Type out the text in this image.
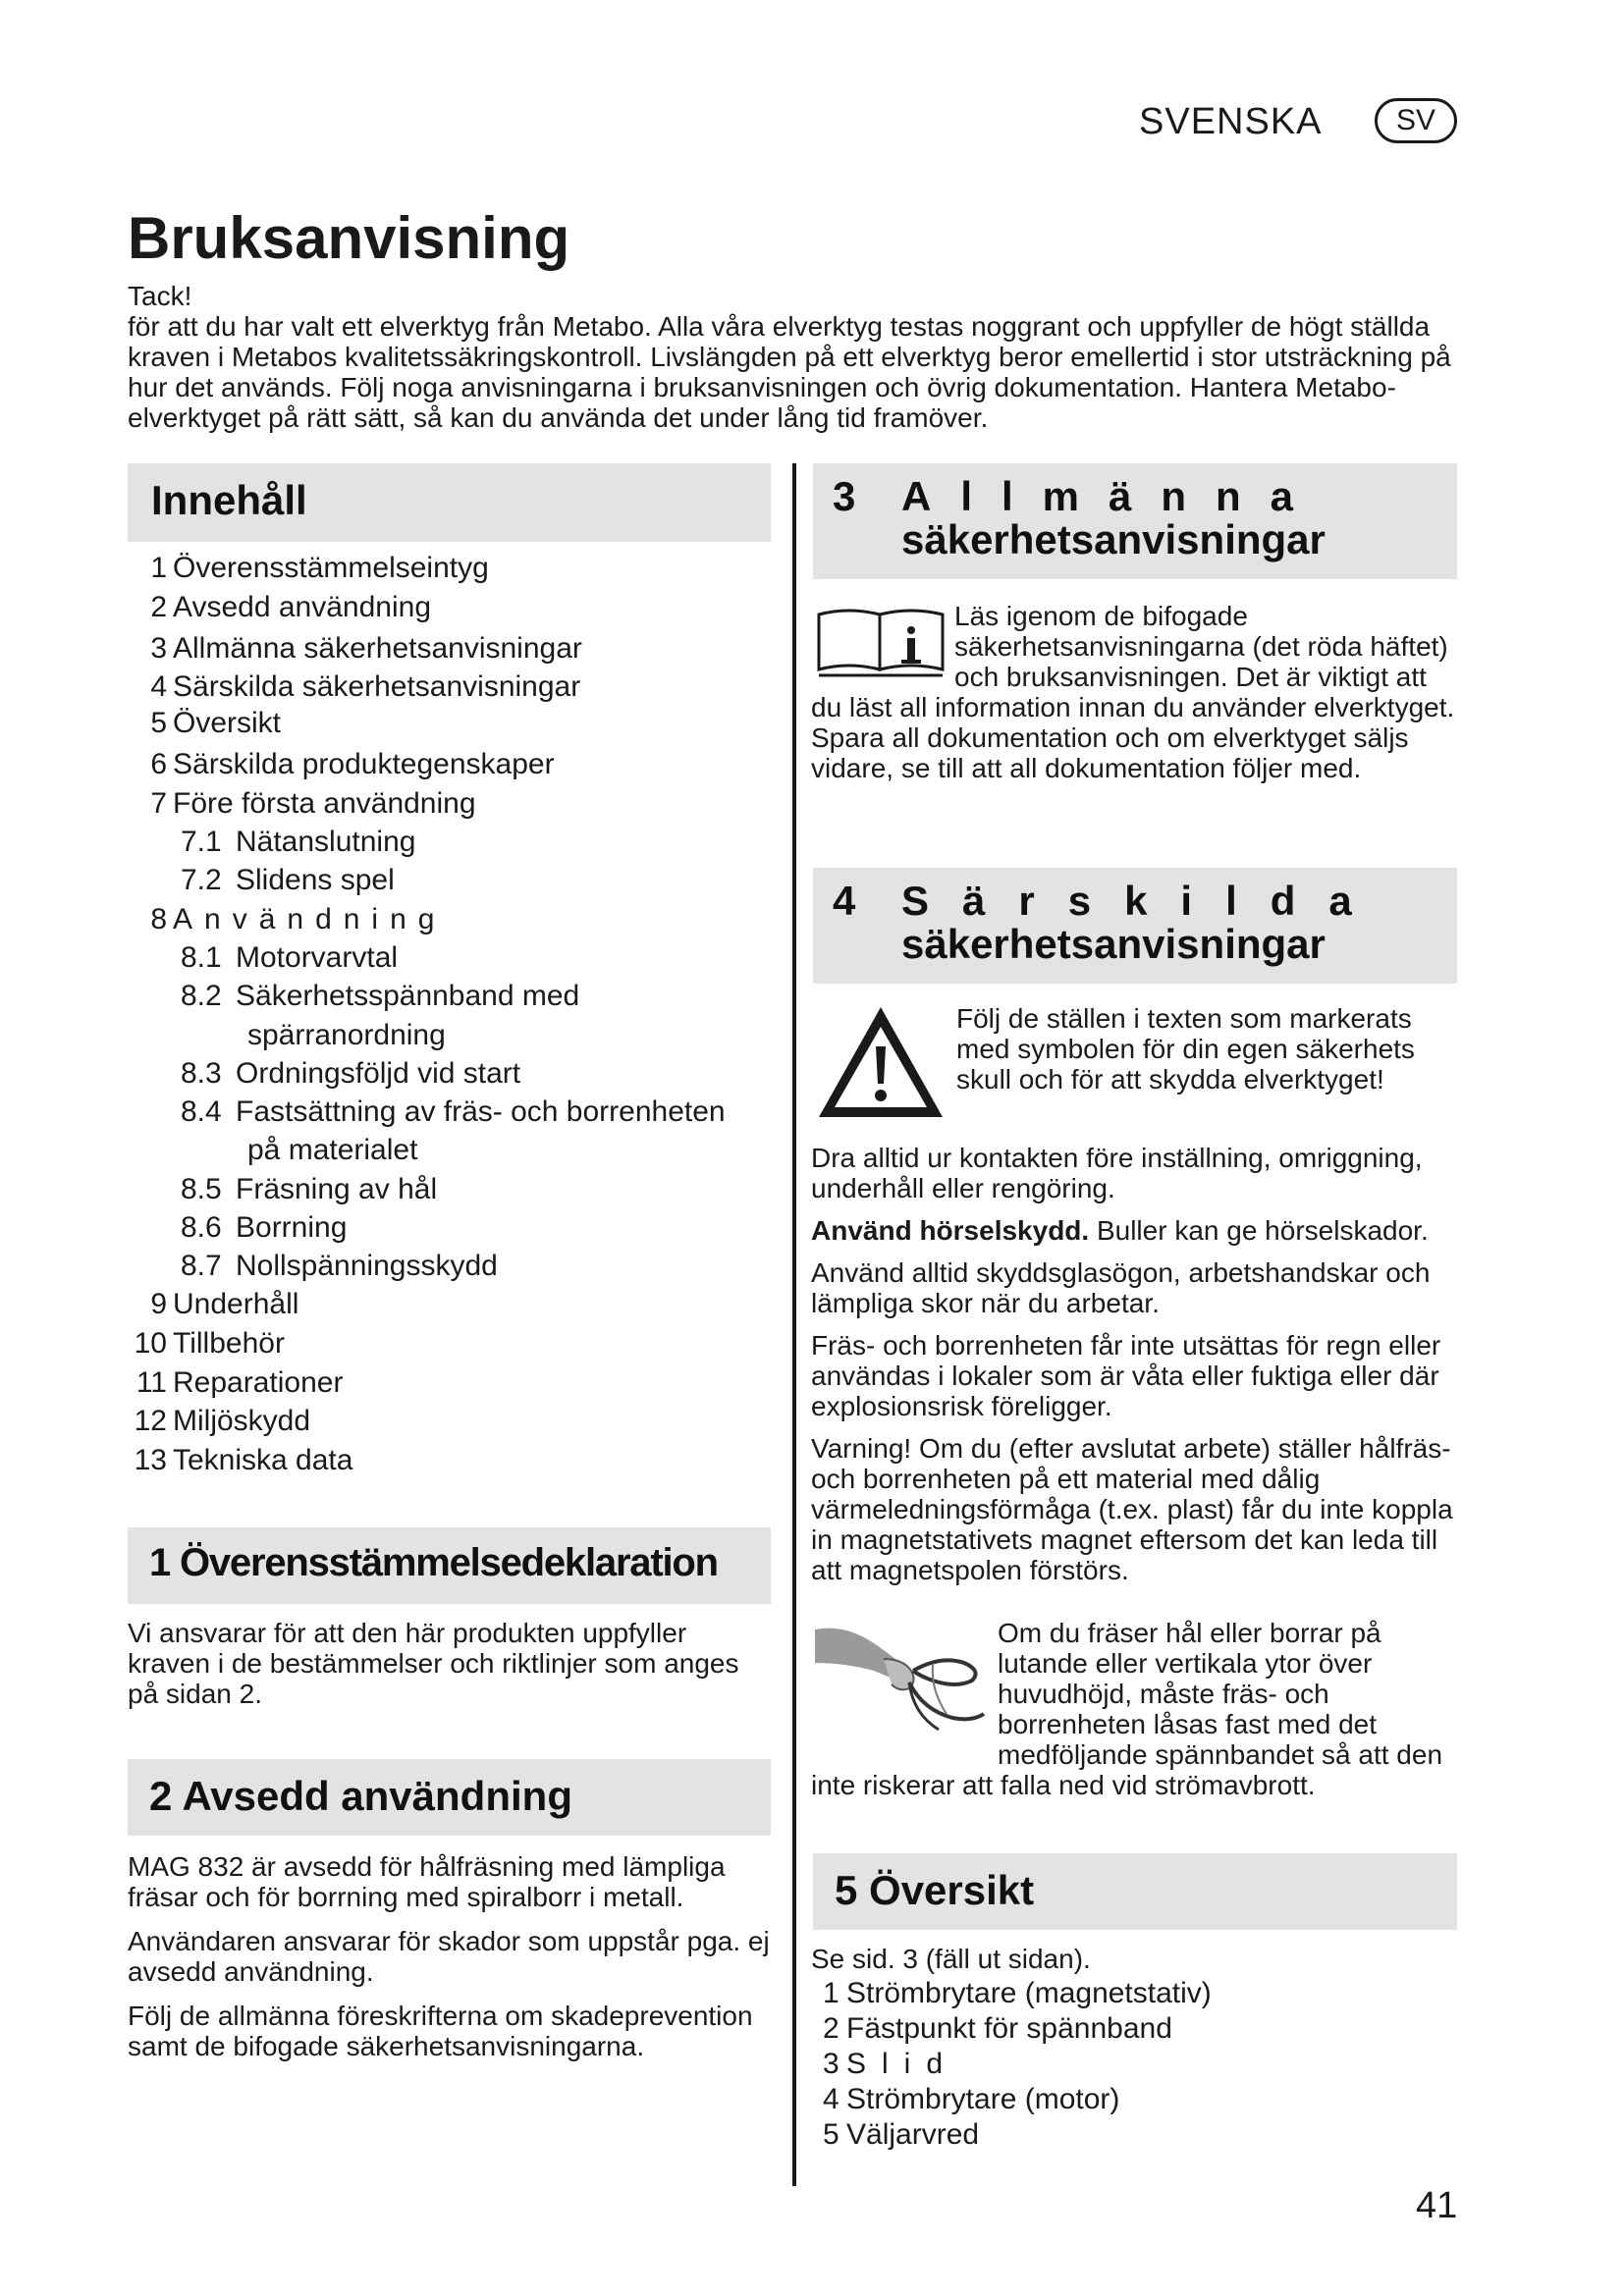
SVENSKA	SV
Bruksanvisning

Tack!

för att du har valt ett elverktyg från Metabo. Alla våra elverktyg testas noggrant och uppfyller de högt ställda kraven i Metabos kvalitetssäkringskontroll. Livslängden på ett elverktyg beror emellertid i stor utsträckning på hur det används. Följ noga anvisningarna i bruksanvisningen och övrig dokumentation. Hantera Metabo-elverktyget på rätt sätt, så kan du använda det under lång tid framöver.

Innehåll
1 Överensstämmelseintyg
2 Avsedd användning
3 Allmänna säkerhetsanvisningar
4 Särskilda säkerhetsanvisningar
5 Översikt
6 Särskilda produktegenskaper
7 Före första användning
7.1 Nätanslutning
7.2 Slidens spel
8 Användning
8.1 Motorvarvtal
8.2 Säkerhetsspännband med
spärranordning
8.3 Ordningsföljd vid start
8.4 Fastsättning av fräs- och borrenheten
på materialet
8.5 Fräsning av hål
8.6 Borrning
8.7 Nollspänningsskydd
9 Underhåll
10 Tillbehör
11 Reparationer
12 Miljöskydd
13 Tekniska data
1 Överensstämmelsedeklaration
Vi ansvarar för att den här produkten uppfyller kraven i de bestämmelser och riktlinjer som anges på sidan 2.
2 Avsedd användning

MAG 832 är avsedd för hålfräsning med lämpliga fräsar och för borrning med spiralborr i metall.

Användaren ansvarar för skador som uppstår pga. ej avsedd användning.

Följ de allmänna föreskrifterna om skadeprevention samt de bifogade säkerhetsanvisningarna.

3 Allmänna
säkerhetsanvisningar

Läs igenom de bifogade säkerhetsanvisningarna (det röda häftet) och bruksanvisningen. Det är viktigt att du läst all information innan du använder elverktyget. Spara all dokumentation och om elverktyget säljs vidare, se till att all dokumentation följer med.

4 Särskilda
säkerhetsanvisningar
Följ de ställen i texten som markerats med symbolen för din egen säkerhets skull och för att skydda elverktyget!

Dra alltid ur kontakten före inställning, omriggning, underhåll eller rengöring.

Använd hörselskydd. Buller kan ge hörselskador.

Använd alltid skyddsglasögon, arbetshandskar och lämpliga skor när du arbetar.

Fräs- och borrenheten får inte utsättas för regn eller användas i lokaler som är våta eller fuktiga eller där explosionsrisk föreligger.

Varning! Om du (efter avslutat arbete) ställer hålfräs- och borrenheten på ett material med dålig värmeledningsförmåga (t.ex. plast) får du inte koppla in magnetstativets magnet eftersom det kan leda till att magnetspolen förstörs.

Om du fräser hål eller borrar på lutande eller vertikala ytor över huvudhöjd, måste fräs- och borrenheten låsas fast med det medföljande spännbandet så att den inte riskerar att falla ned vid strömavbrott.

5 Översikt
Se sid. 3 (fäll ut sidan).
1 Strömbrytare (magnetstativ)
2 Fästpunkt för spännband
3 Slid
4 Strömbrytare (motor)
5 Väljarvred
41
